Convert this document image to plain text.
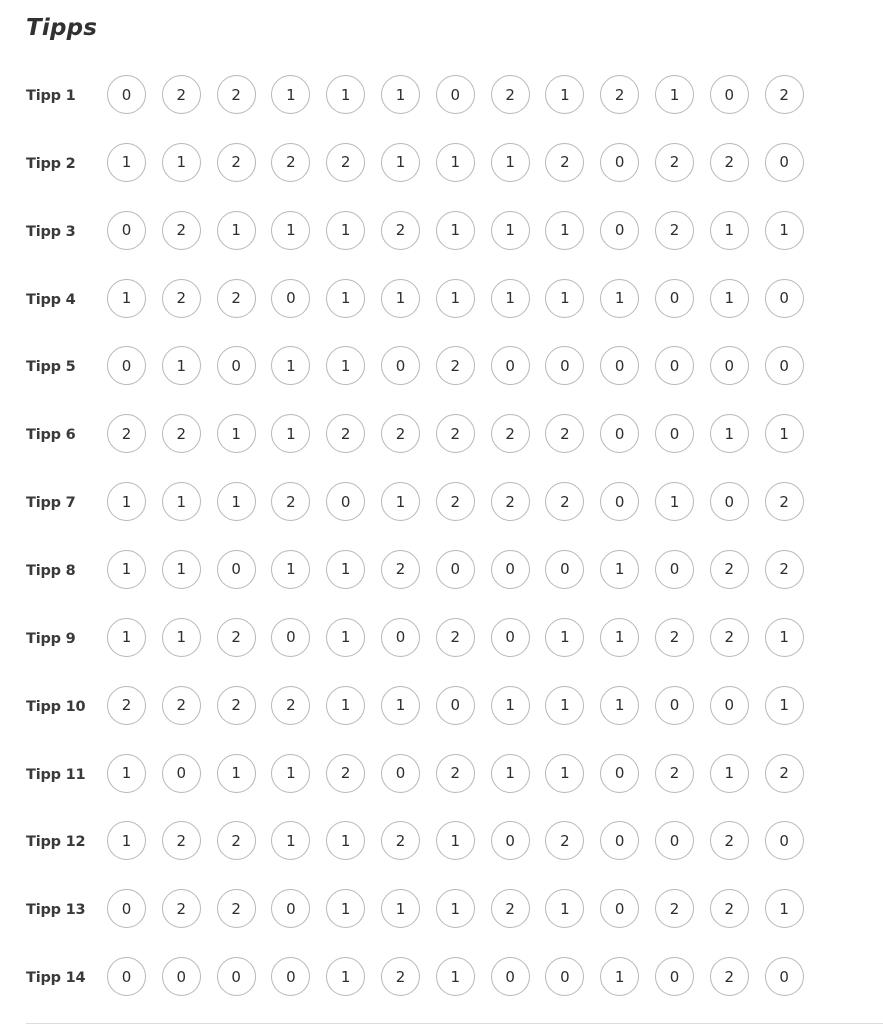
Tipps
Tipp 1	0	2	2	1	1	1	0	2	1	2	1	0	2
Tipp 2	1	1	2	2	2	1	1	1	2	0	2	2	0
Tipp 3	0	2	1	1	1	2	1	1	1	0	2	1	1
Tipp 4	1	2	2	0	1	1	1	1	1	1	0	1	0
Tipp 5	0	1	0	1	1	0	2	0	0	0	0	0	0
Tipp 6	2	2	1	1	2	2	2	2	2	0	0	1	1
Tipp 7	1	1	1	2	0	1	2	2	2	0	1	0	2
Tipp 8	1	1	0	1	1	2	0	0	0	1	0	2	2
Tipp 9	1	1	2	0	1	0	2	0	1	1	2	2	1
Tipp 10	2	2	2	2	1	1	0	1	1	1	0	0	1
Tipp 11	1	0	1	1	2	0	2	1	1	0	2	1	2
Tipp 12	1	2	2	1	1	2	1	0	2	0	0	2	0
Tipp 13	0	2	2	0	1	1	1	2	1	0	2	2	1
Tipp 14	0	0	0	0	1	2	1	0	0	1	0	2	0
